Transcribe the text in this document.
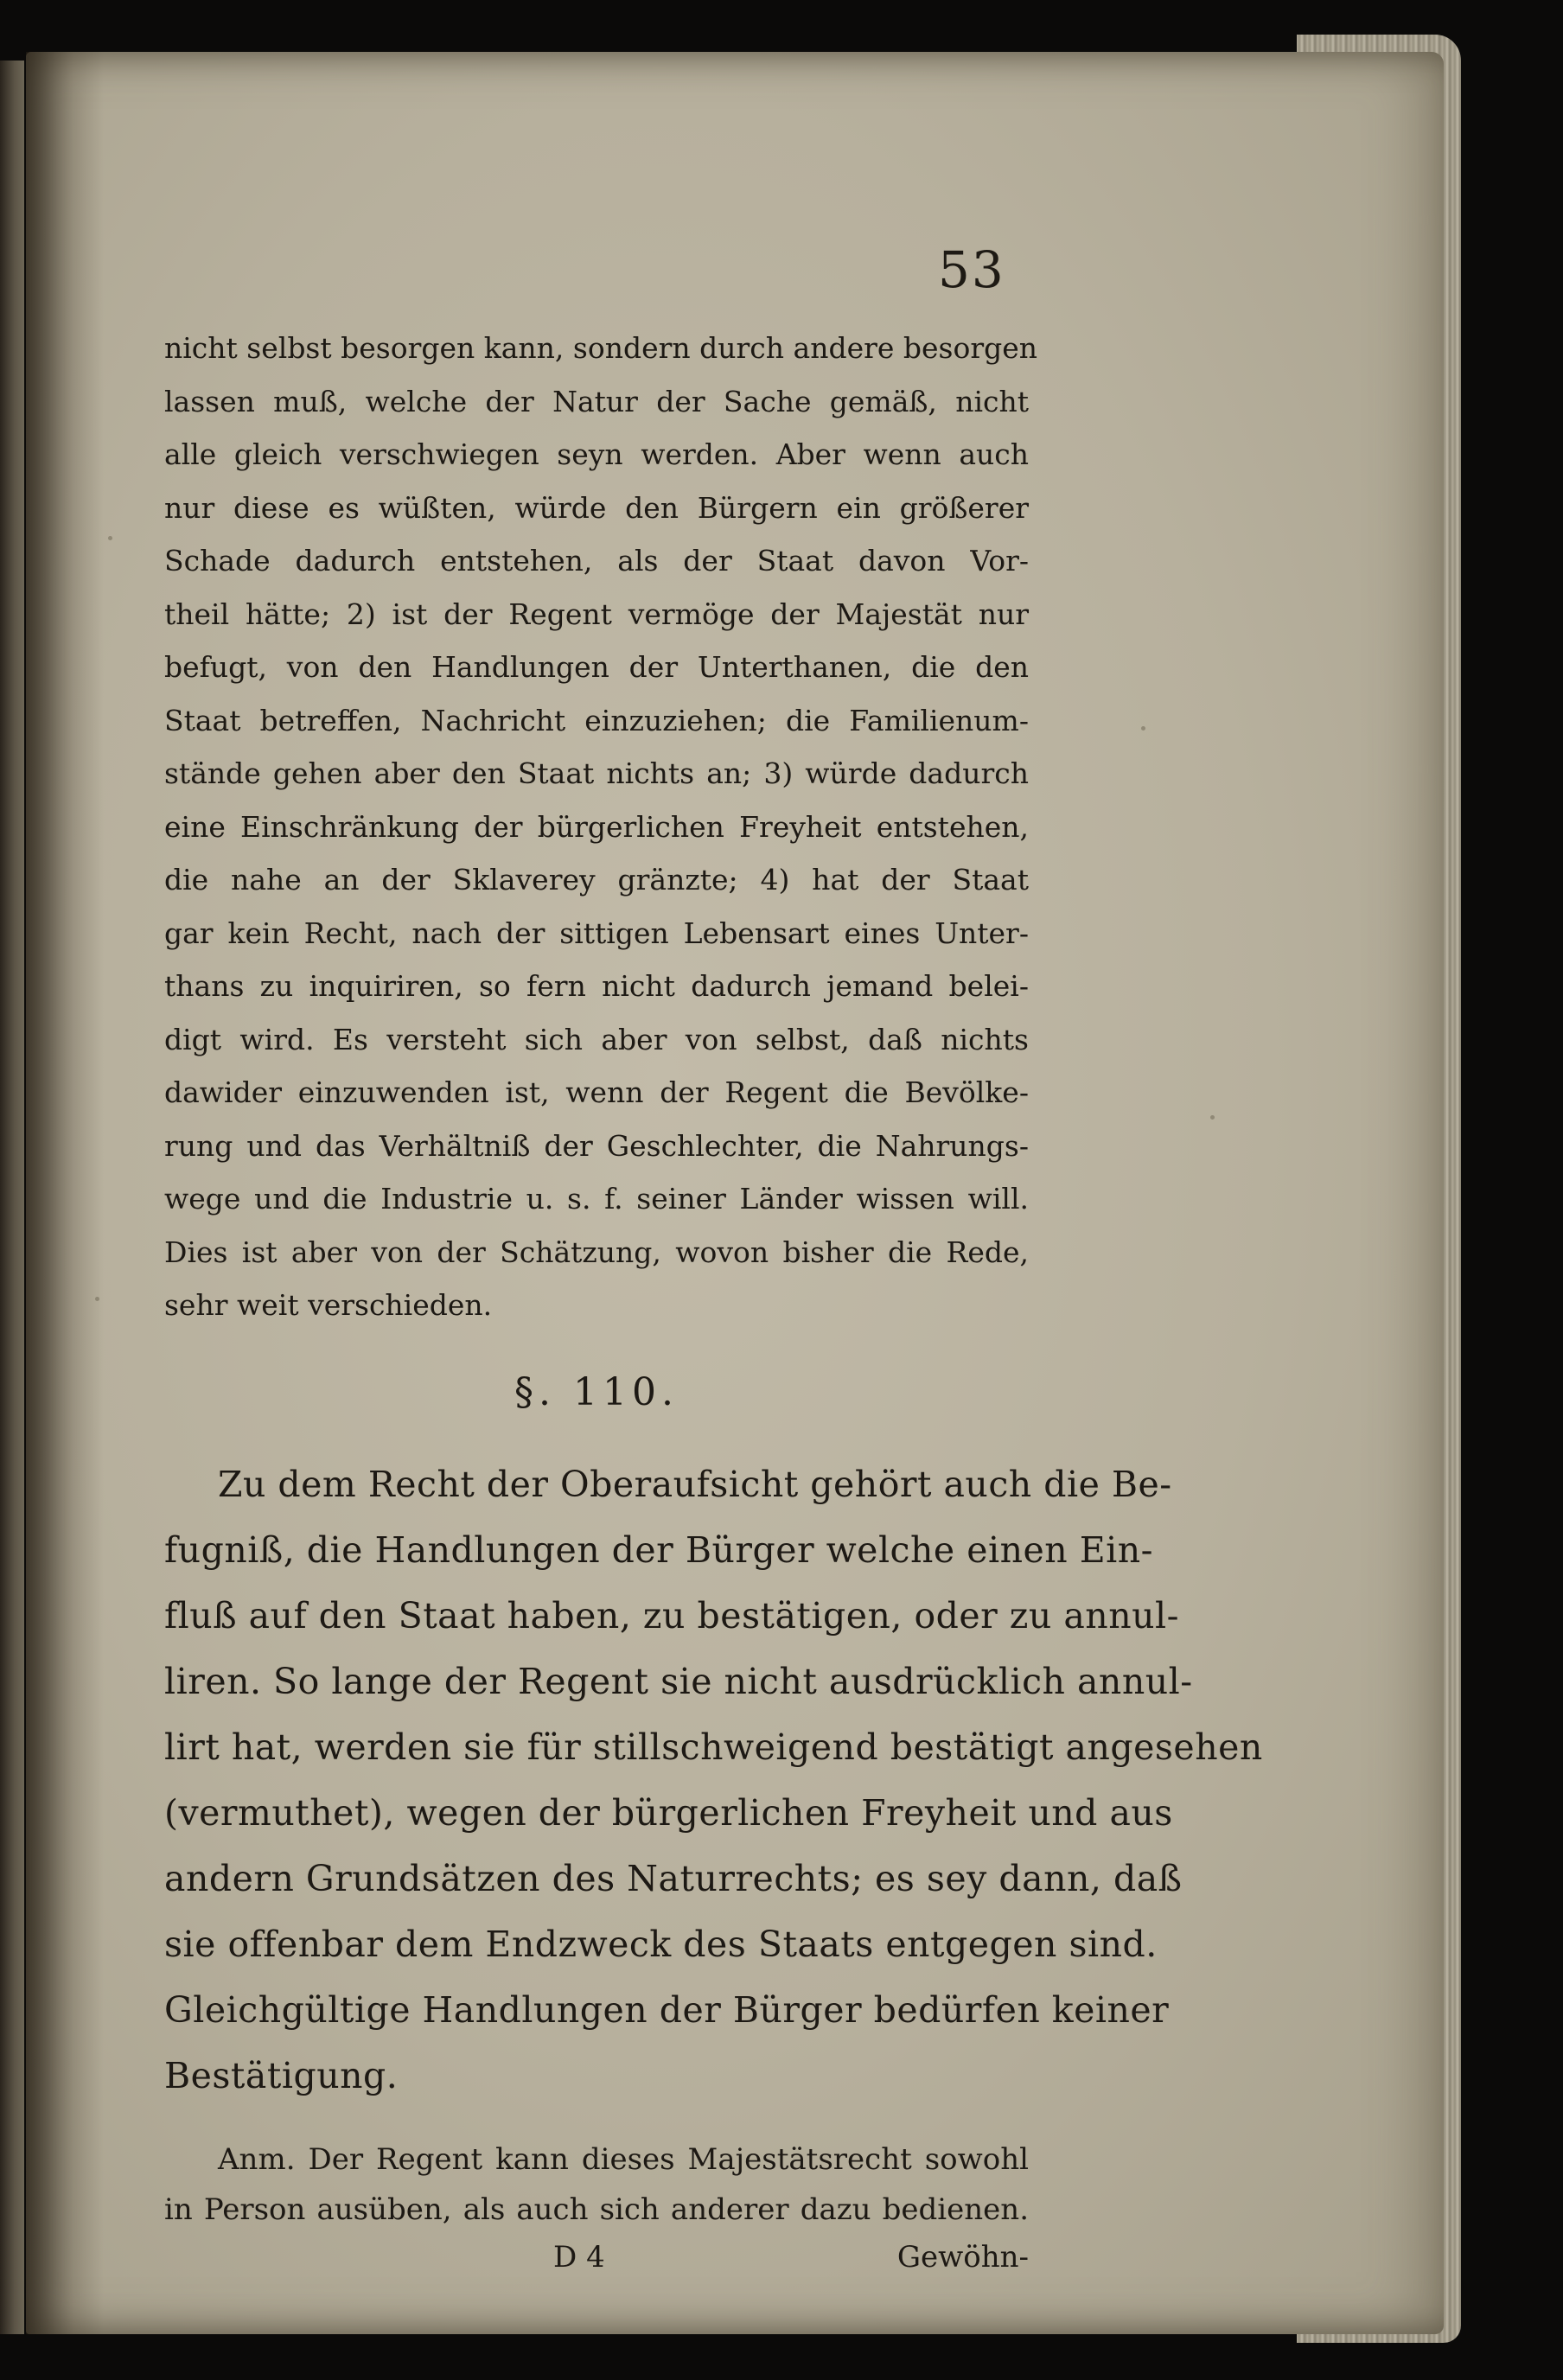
53
nicht selbst besorgen kann, sondern durch andere besorgen
lassen muß, welche der Natur der Sache gemäß, nicht
alle gleich verschwiegen seyn werden. Aber wenn auch
nur diese es wüßten, würde den Bürgern ein größerer
Schade dadurch entstehen, als der Staat davon Vor-
theil hätte; 2) ist der Regent vermöge der Majestät nur
befugt, von den Handlungen der Unterthanen, die den
Staat betreffen, Nachricht einzuziehen; die Familienum-
stände gehen aber den Staat nichts an; 3) würde dadurch
eine Einschränkung der bürgerlichen Freyheit entstehen,
die nahe an der Sklaverey gränzte; 4) hat der Staat
gar kein Recht, nach der sittigen Lebensart eines Unter-
thans zu inquiriren, so fern nicht dadurch jemand belei-
digt wird. Es versteht sich aber von selbst, daß nichts
dawider einzuwenden ist, wenn der Regent die Bevölke-
rung und das Verhältniß der Geschlechter, die Nahrungs-
wege und die Industrie u. s. f. seiner Länder wissen will.
Dies ist aber von der Schätzung, wovon bisher die Rede,
sehr weit verschieden.
§. 110.
Zu dem Recht der Oberaufsicht gehört auch die Be-
fugniß, die Handlungen der Bürger welche einen Ein-
fluß auf den Staat haben, zu bestätigen, oder zu annul-
liren. So lange der Regent sie nicht ausdrücklich annul-
lirt hat, werden sie für stillschweigend bestätigt angesehen
(vermuthet), wegen der bürgerlichen Freyheit und aus
andern Grundsätzen des Naturrechts; es sey dann, daß
sie offenbar dem Endzweck des Staats entgegen sind.
Gleichgültige Handlungen der Bürger bedürfen keiner
Bestätigung.
Anm. Der Regent kann dieses Majestätsrecht sowohl
in Person ausüben, als auch sich anderer dazu bedienen.
D 4	Gewöhn-
